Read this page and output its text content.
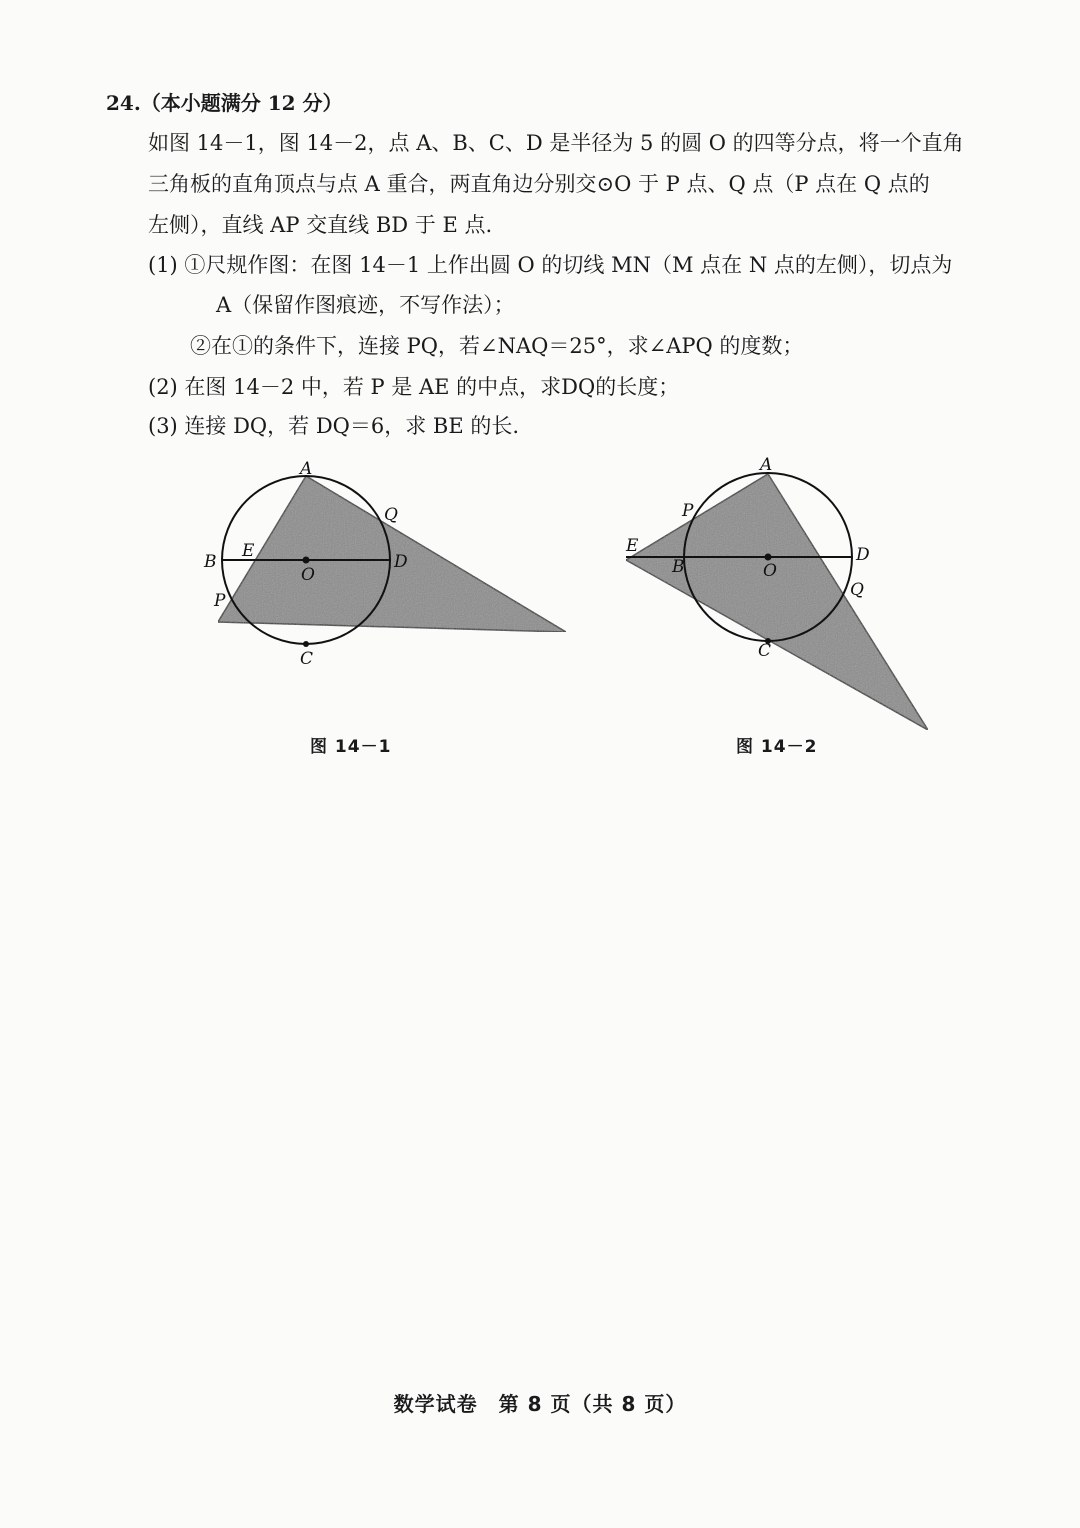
24.（本小题满分 12 分）
如图 14－1，图 14－2，点 A、B、C、D 是半径为 5 的圆 O 的四等分点，将一个直角
三角板的直角顶点与点 A 重合，两直角边分别交⊙O 于 P 点、Q 点（P 点在 Q 点的
左侧），直线 AP 交直线 BD 于 E 点.
(1) ①尺规作图：在图 14－1 上作出圆 O 的切线 MN（M 点在 N 点的左侧），切点为
A（保留作图痕迹，不写作法）；
②在①的条件下，连接 PQ，若∠NAQ＝25°，求∠APQ 的度数；
(2) 在图 14－2 中，若 P 是 AE 的中点，求DQ的长度；
(3) 连接 DQ，若 DQ＝6，求 BE 的长.
A
B
C
D
E
O
P
Q
图 14－1
A
B
C
D
E
O
P
Q
图 14－2
数学试卷　第 8 页（共 8 页）
